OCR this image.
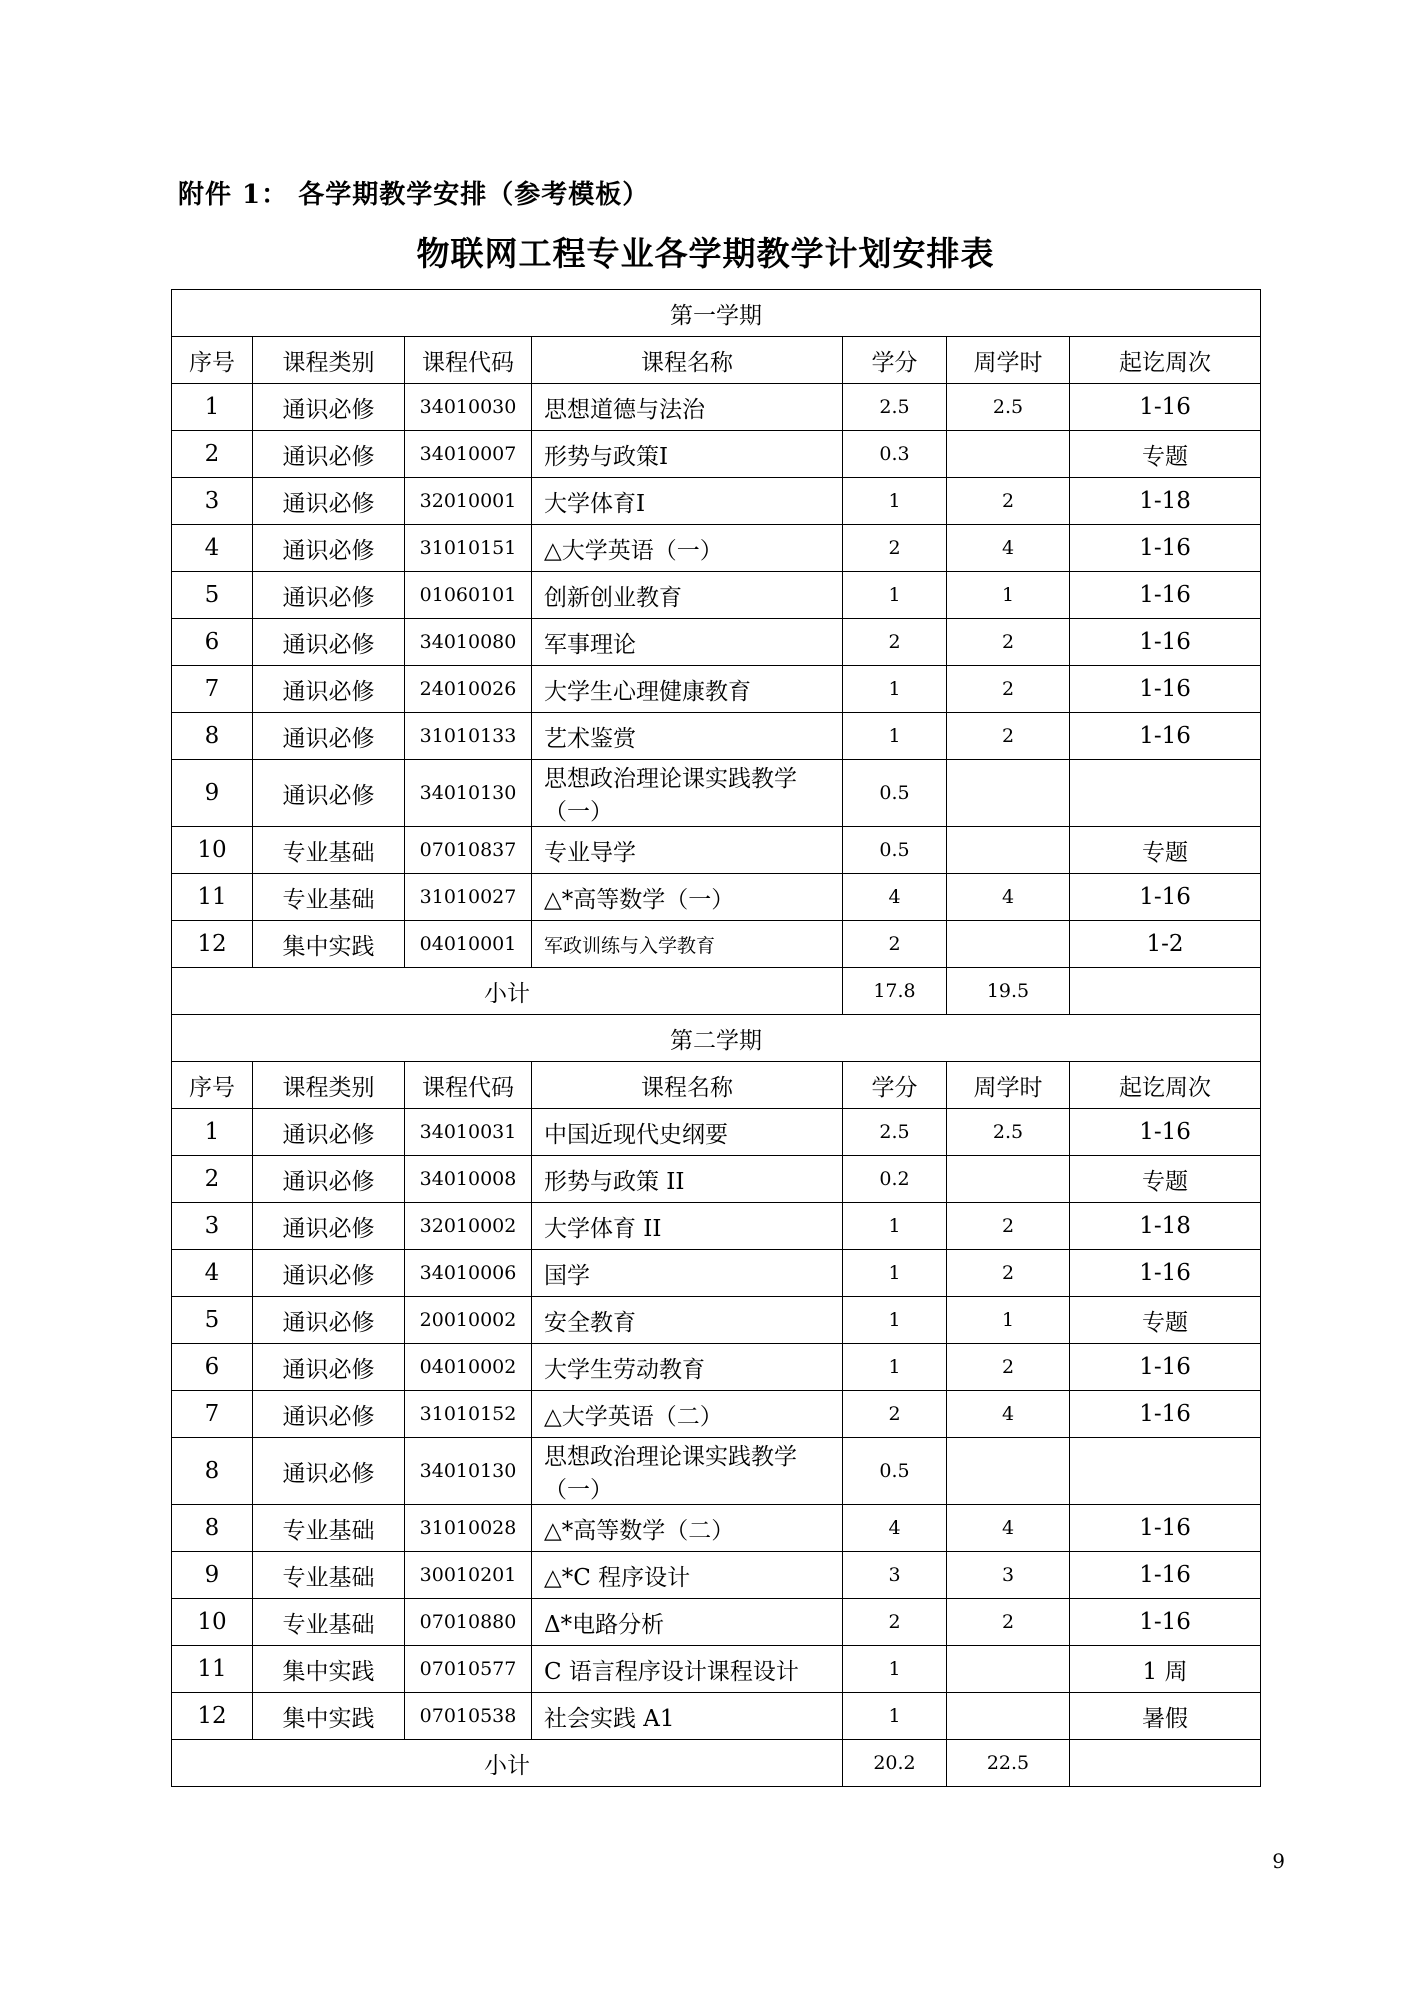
附件 1： 各学期教学安排（参考模板）
物联网工程专业各学期教学计划安排表
第一学期						
序号	课程类别	课程代码	课程名称	学分	周学时	起讫周次
1	通识必修	34010030	思想道德与法治	2.5	2.5	1-16
2	通识必修	34010007	形势与政策I	0.3		专题
3	通识必修	32010001	大学体育I	1	2	1-18
4	通识必修	31010151	△大学英语（一）	2	4	1-16
5	通识必修	01060101	创新创业教育	1	1	1-16
6	通识必修	34010080	军事理论	2	2	1-16
7	通识必修	24010026	大学生心理健康教育	1	2	1-16
8	通识必修	31010133	艺术鉴赏	1	2	1-16
9	通识必修	34010130	思想政治理论课实践教学（一）	0.5		
10	专业基础	07010837	专业导学	0.5		专题
11	专业基础	31010027	△*高等数学（一）	4	4	1-16
12	集中实践	04010001	军政训练与入学教育	2		1-2
小计				17.8	19.5	
第二学期						
序号	课程类别	课程代码	课程名称	学分	周学时	起讫周次
1	通识必修	34010031	中国近现代史纲要	2.5	2.5	1-16
2	通识必修	34010008	形势与政策 II	0.2		专题
3	通识必修	32010002	大学体育 II	1	2	1-18
4	通识必修	34010006	国学	1	2	1-16
5	通识必修	20010002	安全教育	1	1	专题
6	通识必修	04010002	大学生劳动教育	1	2	1-16
7	通识必修	31010152	△大学英语（二）	2	4	1-16
8	通识必修	34010130	思想政治理论课实践教学（一）	0.5		
8	专业基础	31010028	△*高等数学（二）	4	4	1-16
9	专业基础	30010201	△*C 程序设计	3	3	1-16
10	专业基础	07010880	Δ*电路分析	2	2	1-16
11	集中实践	07010577	C 语言程序设计课程设计	1		1 周
12	集中实践	07010538	社会实践 A1	1		暑假
小计				20.2	22.5	
9
